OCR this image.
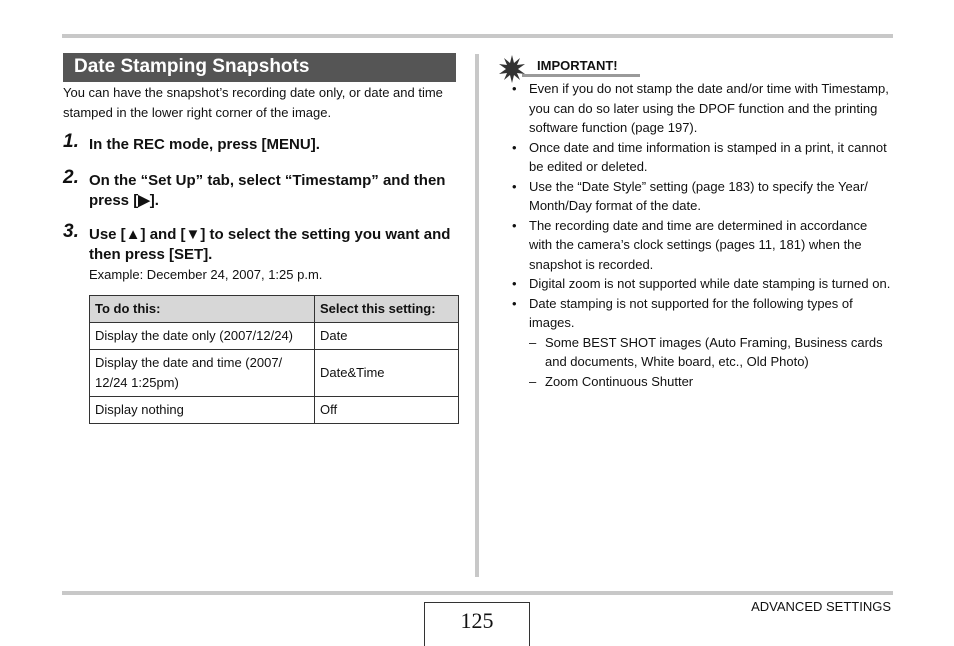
Date Stamping Snapshots

You can have the snapshot’s recording date only, or date and time stamped in the lower right corner of the image.

1. In the REC mode, press [MENU].
2. On the “Set Up” tab, select “Timestamp” and then press [▶].
3. Use [▲] and [▼] to select the setting you want and then press [SET].

Example: December 24, 2007, 1:25 p.m.

To do this:	Select this setting:
Display the date only (2007/12/24)	Date
Display the date and time (2007/ 12/24 1:25pm)	Date&Time
Display nothing	Off
IMPORTANT!
• Even if you do not stamp the date and/or time with Timestamp, you can do so later using the DPOF function and the printing software function (page 197).
• Once date and time information is stamped in a print, it cannot be edited or deleted.
• Use the “Date Style” setting (page 183) to specify the Year/ Month/Day format of the date.
• The recording date and time are determined in accordance with the camera’s clock settings (pages 11, 181) when the snapshot is recorded.
• Digital zoom is not supported while date stamping is turned on.
• Date stamping is not supported for the following types of images.
– Some BEST SHOT images (Auto Framing, Business cards and documents, White board, etc., Old Photo)
– Zoom Continuous Shutter
125
ADVANCED SETTINGS
